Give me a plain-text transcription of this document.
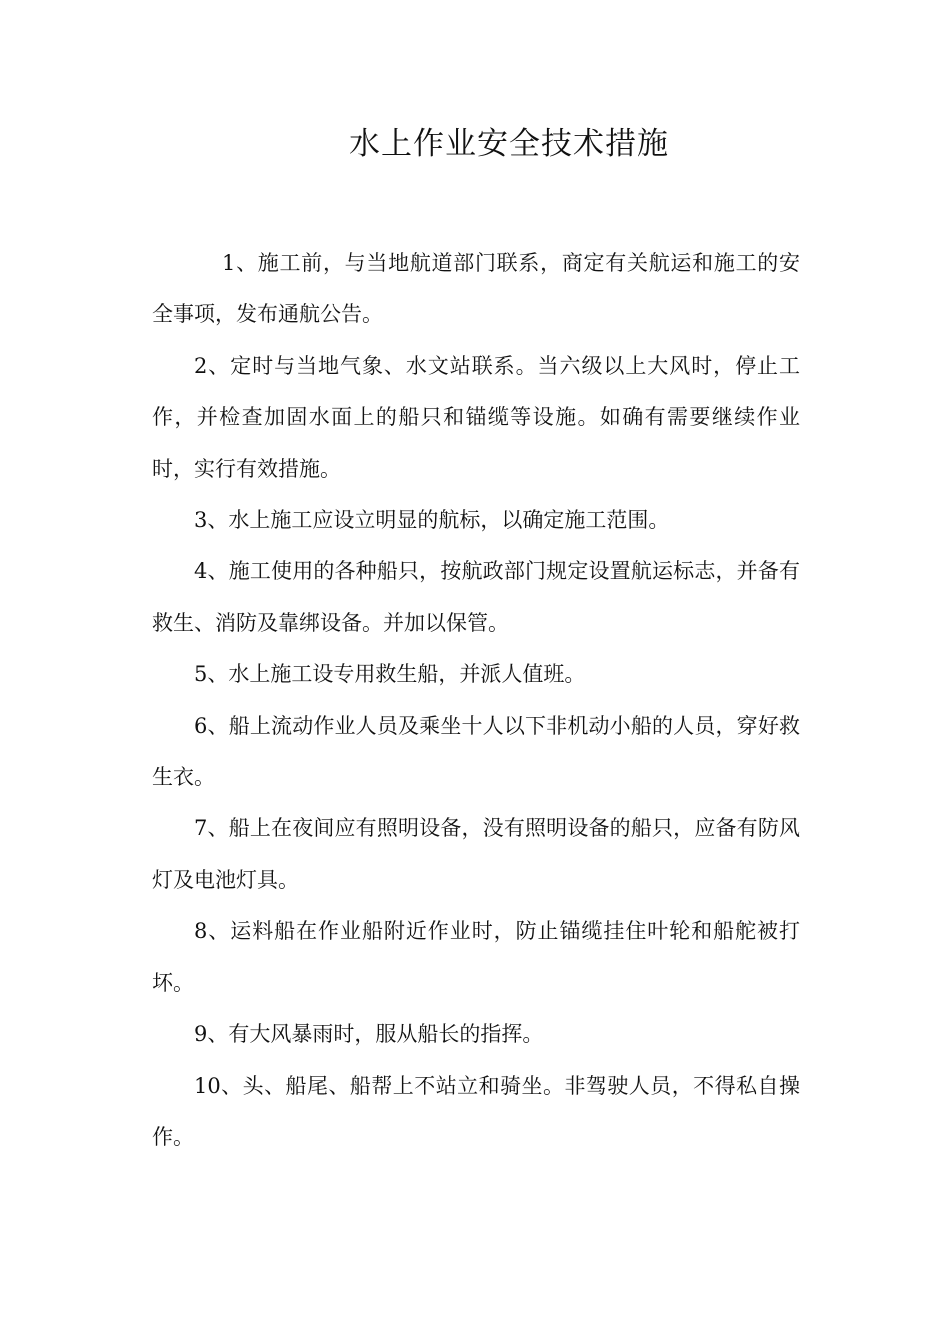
水上作业安全技术措施

1、施工前，与当地航道部门联系，商定有关航运和施工的安全事项，发布通航公告。

2、定时与当地气象、水文站联系。当六级以上大风时，停止工作，并检查加固水面上的船只和锚缆等设施。如确有需要继续作业时，实行有效措施。

3、水上施工应设立明显的航标，以确定施工范围。

4、施工使用的各种船只，按航政部门规定设置航运标志，并备有救生、消防及靠绑设备。并加以保管。

5、水上施工设专用救生船，并派人值班。

6、船上流动作业人员及乘坐十人以下非机动小船的人员，穿好救生衣。

7、船上在夜间应有照明设备，没有照明设备的船只，应备有防风灯及电池灯具。

8、运料船在作业船附近作业时，防止锚缆挂住叶轮和船舵被打坏。

9、有大风暴雨时，服从船长的指挥。

10、头、船尾、船帮上不站立和骑坐。非驾驶人员，不得私自操作。
